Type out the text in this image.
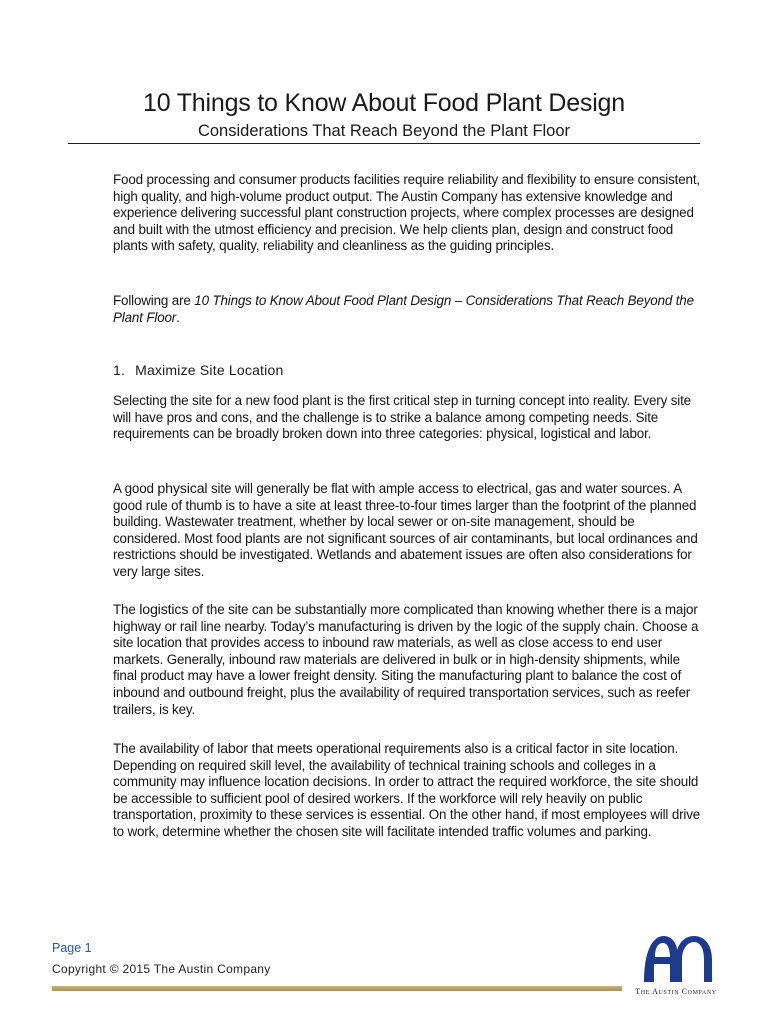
10 Things to Know About Food Plant Design
Considerations That Reach Beyond the Plant Floor

Food processing and consumer products facilities require reliability and flexibility to ensure consistent, high quality, and high-volume product output. The Austin Company has extensive knowledge and experience delivering successful plant construction projects, where complex processes are designed and built with the utmost efficiency and precision. We help clients plan, design and construct food plants with safety, quality, reliability and cleanliness as the guiding principles.

Following are 10 Things to Know About Food Plant Design – Considerations That Reach Beyond the Plant Floor.

1. Maximize Site Location

Selecting the site for a new food plant is the first critical step in turning concept into reality. Every site will have pros and cons, and the challenge is to strike a balance among competing needs. Site requirements can be broadly broken down into three categories: physical, logistical and labor.

A good physical site will generally be flat with ample access to electrical, gas and water sources. A good rule of thumb is to have a site at least three-to-four times larger than the footprint of the planned building. Wastewater treatment, whether by local sewer or on-site management, should be considered. Most food plants are not significant sources of air contaminants, but local ordinances and restrictions should be investigated. Wetlands and abatement issues are often also considerations for very large sites.

The logistics of the site can be substantially more complicated than knowing whether there is a major highway or rail line nearby. Today’s manufacturing is driven by the logic of the supply chain. Choose a site location that provides access to inbound raw materials, as well as close access to end user markets. Generally, inbound raw materials are delivered in bulk or in high-density shipments, while final product may have a lower freight density. Siting the manufacturing plant to balance the cost of inbound and outbound freight, plus the availability of required transportation services, such as reefer trailers, is key.

The availability of labor that meets operational requirements also is a critical factor in site location. Depending on required skill level, the availability of technical training schools and colleges in a community may influence location decisions. In order to attract the required workforce, the site should be accessible to sufficient pool of desired workers. If the workforce will rely heavily on public transportation, proximity to these services is essential. On the other hand, if most employees will drive to work, determine whether the chosen site will facilitate intended traffic volumes and parking.

Page 1
Copyright © 2015 The Austin Company
The Austin Company
